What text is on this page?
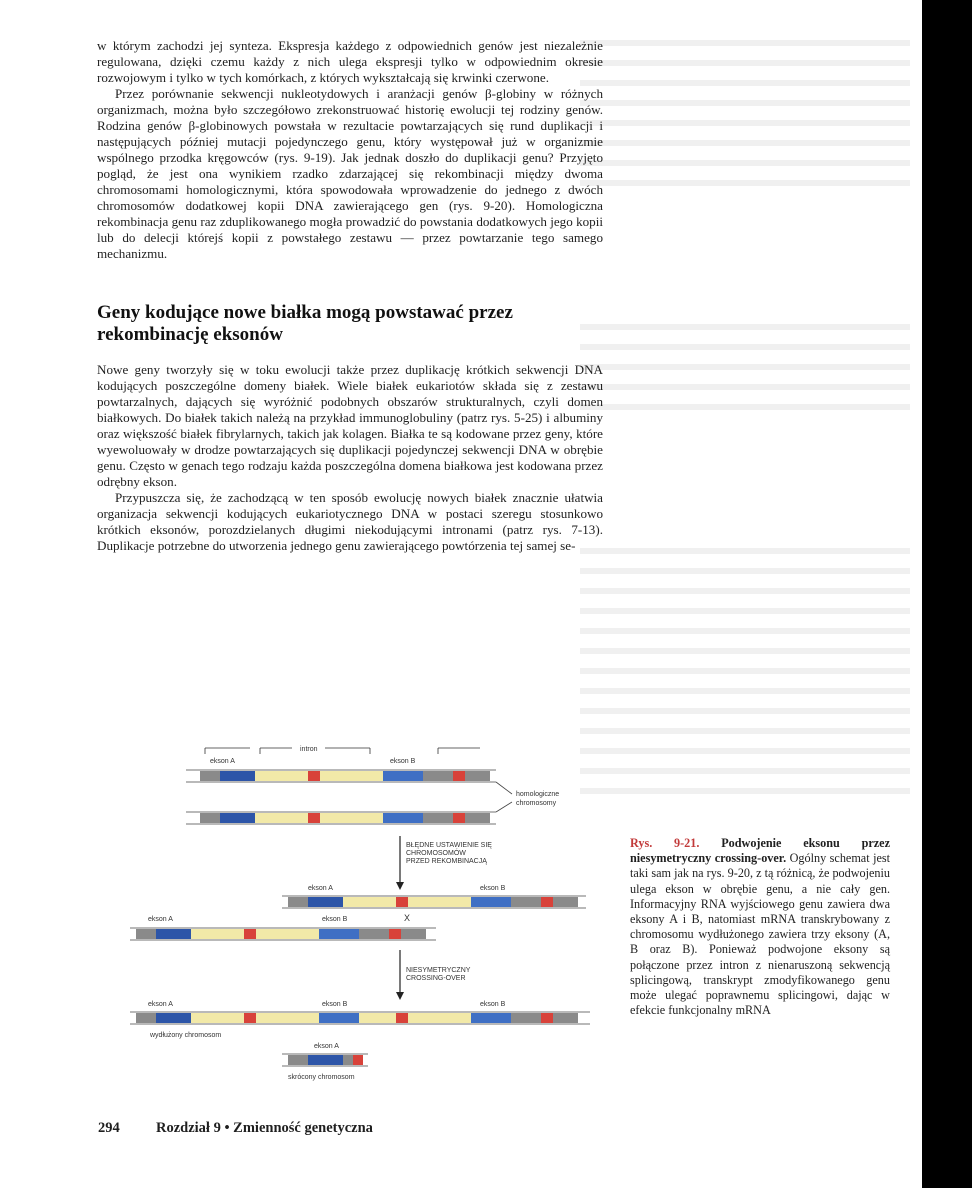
w którym zachodzi jej synteza. Ekspresja każdego z odpowiednich genów jest niezależnie regulowana, dzięki czemu każdy z nich ulega ekspresji tylko w odpowiednim okresie rozwojowym i tylko w tych komórkach, z których wykształcają się krwinki czerwone.

Przez porównanie sekwencji nukleotydowych i aranżacji genów β-globiny w różnych organizmach, można było szczegółowo zrekonstruować historię ewolucji tej rodziny genów. Rodzina genów β-globinowych powstała w rezultacie powtarzających się rund duplikacji i następujących później mutacji pojedynczego genu, który występował już w organizmie wspólnego przodka kręgowców (rys. 9-19). Jak jednak doszło do duplikacji genu? Przyjęto pogląd, że jest ona wynikiem rzadko zdarzającej się rekombinacji między dwoma chromosomami homologicznymi, która spowodowała wprowadzenie do jednego z dwóch chromosomów dodatkowej kopii DNA zawierającego gen (rys. 9-20). Homologiczna rekombinacja genu raz zduplikowanego mogła prowadzić do powstania dodatkowych jego kopii lub do delecji którejś kopii z powstałego zestawu — przez powtarzanie tego samego mechanizmu.

Geny kodujące nowe białka mogą powstawać przez rekombinację eksonów

Nowe geny tworzyły się w toku ewolucji także przez duplikację krótkich sekwencji DNA kodujących poszczególne domeny białek. Wiele białek eukariotów składa się z zestawu powtarzalnych, dających się wyróżnić podobnych obszarów strukturalnych, czyli domen białkowych. Do białek takich należą na przykład immunoglobuliny (patrz rys. 5-25) i albuminy oraz większość białek fibrylarnych, takich jak kolagen. Białka te są kodowane przez geny, które wyewoluowały w drodze powtarzających się duplikacji pojedynczej sekwencji DNA w obrębie genu. Często w genach tego rodzaju każda poszczególna domena białkowa jest kodowana przez odrębny ekson.

Przypuszcza się, że zachodzącą w ten sposób ewolucję nowych białek znacznie ułatwia organizacja sekwencji kodujących eukariotycznego DNA w postaci szeregu stosunkowo krótkich eksonów, porozdzielanych długimi niekodującymi intronami (patrz rys. 7-13). Duplikacje potrzebne do utworzenia jednego genu zawierającego powtórzenia tej samej se-

intron
ekson A	ekson B
homologiczne
chromosomy
BŁĘDNE USTAWIENIE SIĘ
CHROMOSOMÓW
PRZED REKOMBINACJĄ
ekson A	ekson B
ekson A	ekson B	X
NIESYMETRYCZNY
CROSSING-OVER
ekson A	ekson B	ekson B
wydłużony chromosom
ekson A
skrócony chromosom
Rys. 9-21. Podwojenie eksonu przez niesymetryczny crossing-over. Ogólny schemat jest taki sam jak na rys. 9-20, z tą różnicą, że podwojeniu ulega ekson w obrębie genu, a nie cały gen. Informacyjny RNA wyjściowego genu zawiera dwa eksony A i B, natomiast mRNA transkrybowany z chromosomu wydłużonego zawiera trzy eksony (A, B oraz B). Ponieważ podwojone eksony są połączone przez intron z nienaruszoną sekwencją splicingową, transkrypt zmodyfikowanego genu może ulegać poprawnemu splicingowi, dając w efekcie funkcjonalny mRNA
294	Rozdział 9 • Zmienność genetyczna
